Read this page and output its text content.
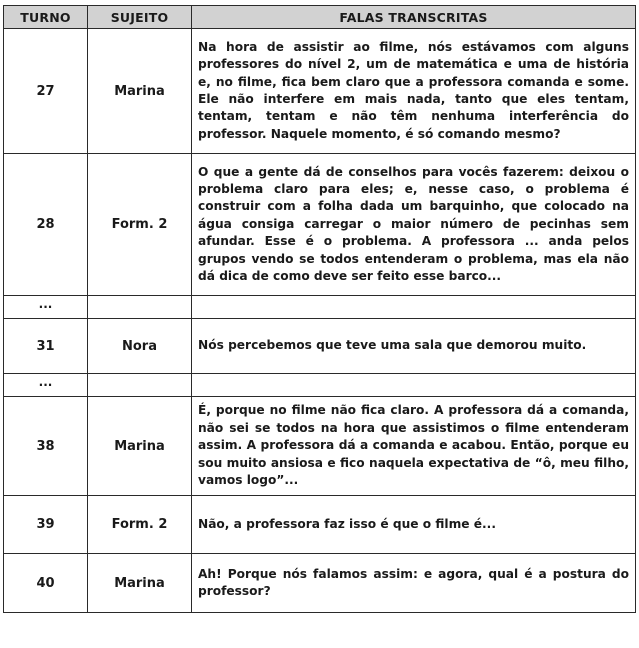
TURNO	SUJEITO	FALAS TRANSCRITAS
27	Marina	Na hora de assistir ao filme, nós estávamos com alguns professores do nível 2, um de matemática e uma de história e, no filme, fica bem claro que a professora comanda e some. Ele não interfere em mais nada, tanto que eles tentam, tentam, tentam e não têm nenhuma interferência do professor. Naquele momento, é só comando mesmo?
28	Form. 2	O que a gente dá de conselhos para vocês fazerem: deixou o problema claro para eles; e, nesse caso, o problema é construir com a folha dada um barquinho, que colocado na água consiga carregar o maior número de pecinhas sem afundar. Esse é o problema. A professora ... anda pelos grupos vendo se todos entenderam o problema, mas ela não dá dica de como deve ser feito esse barco...
...		
31	Nora	Nós percebemos que teve uma sala que demorou muito.
...		
38	Marina	É, porque no filme não fica claro. A professora dá a comanda, não sei se todos na hora que assistimos o filme entenderam assim. A professora dá a comanda e acabou. Então, porque eu sou muito ansiosa e fico naquela expectativa de “ô, meu filho, vamos logo”...
39	Form. 2	Não, a professora faz isso é que o filme é...
40	Marina	Ah! Porque nós falamos assim: e agora, qual é a postura do professor?
